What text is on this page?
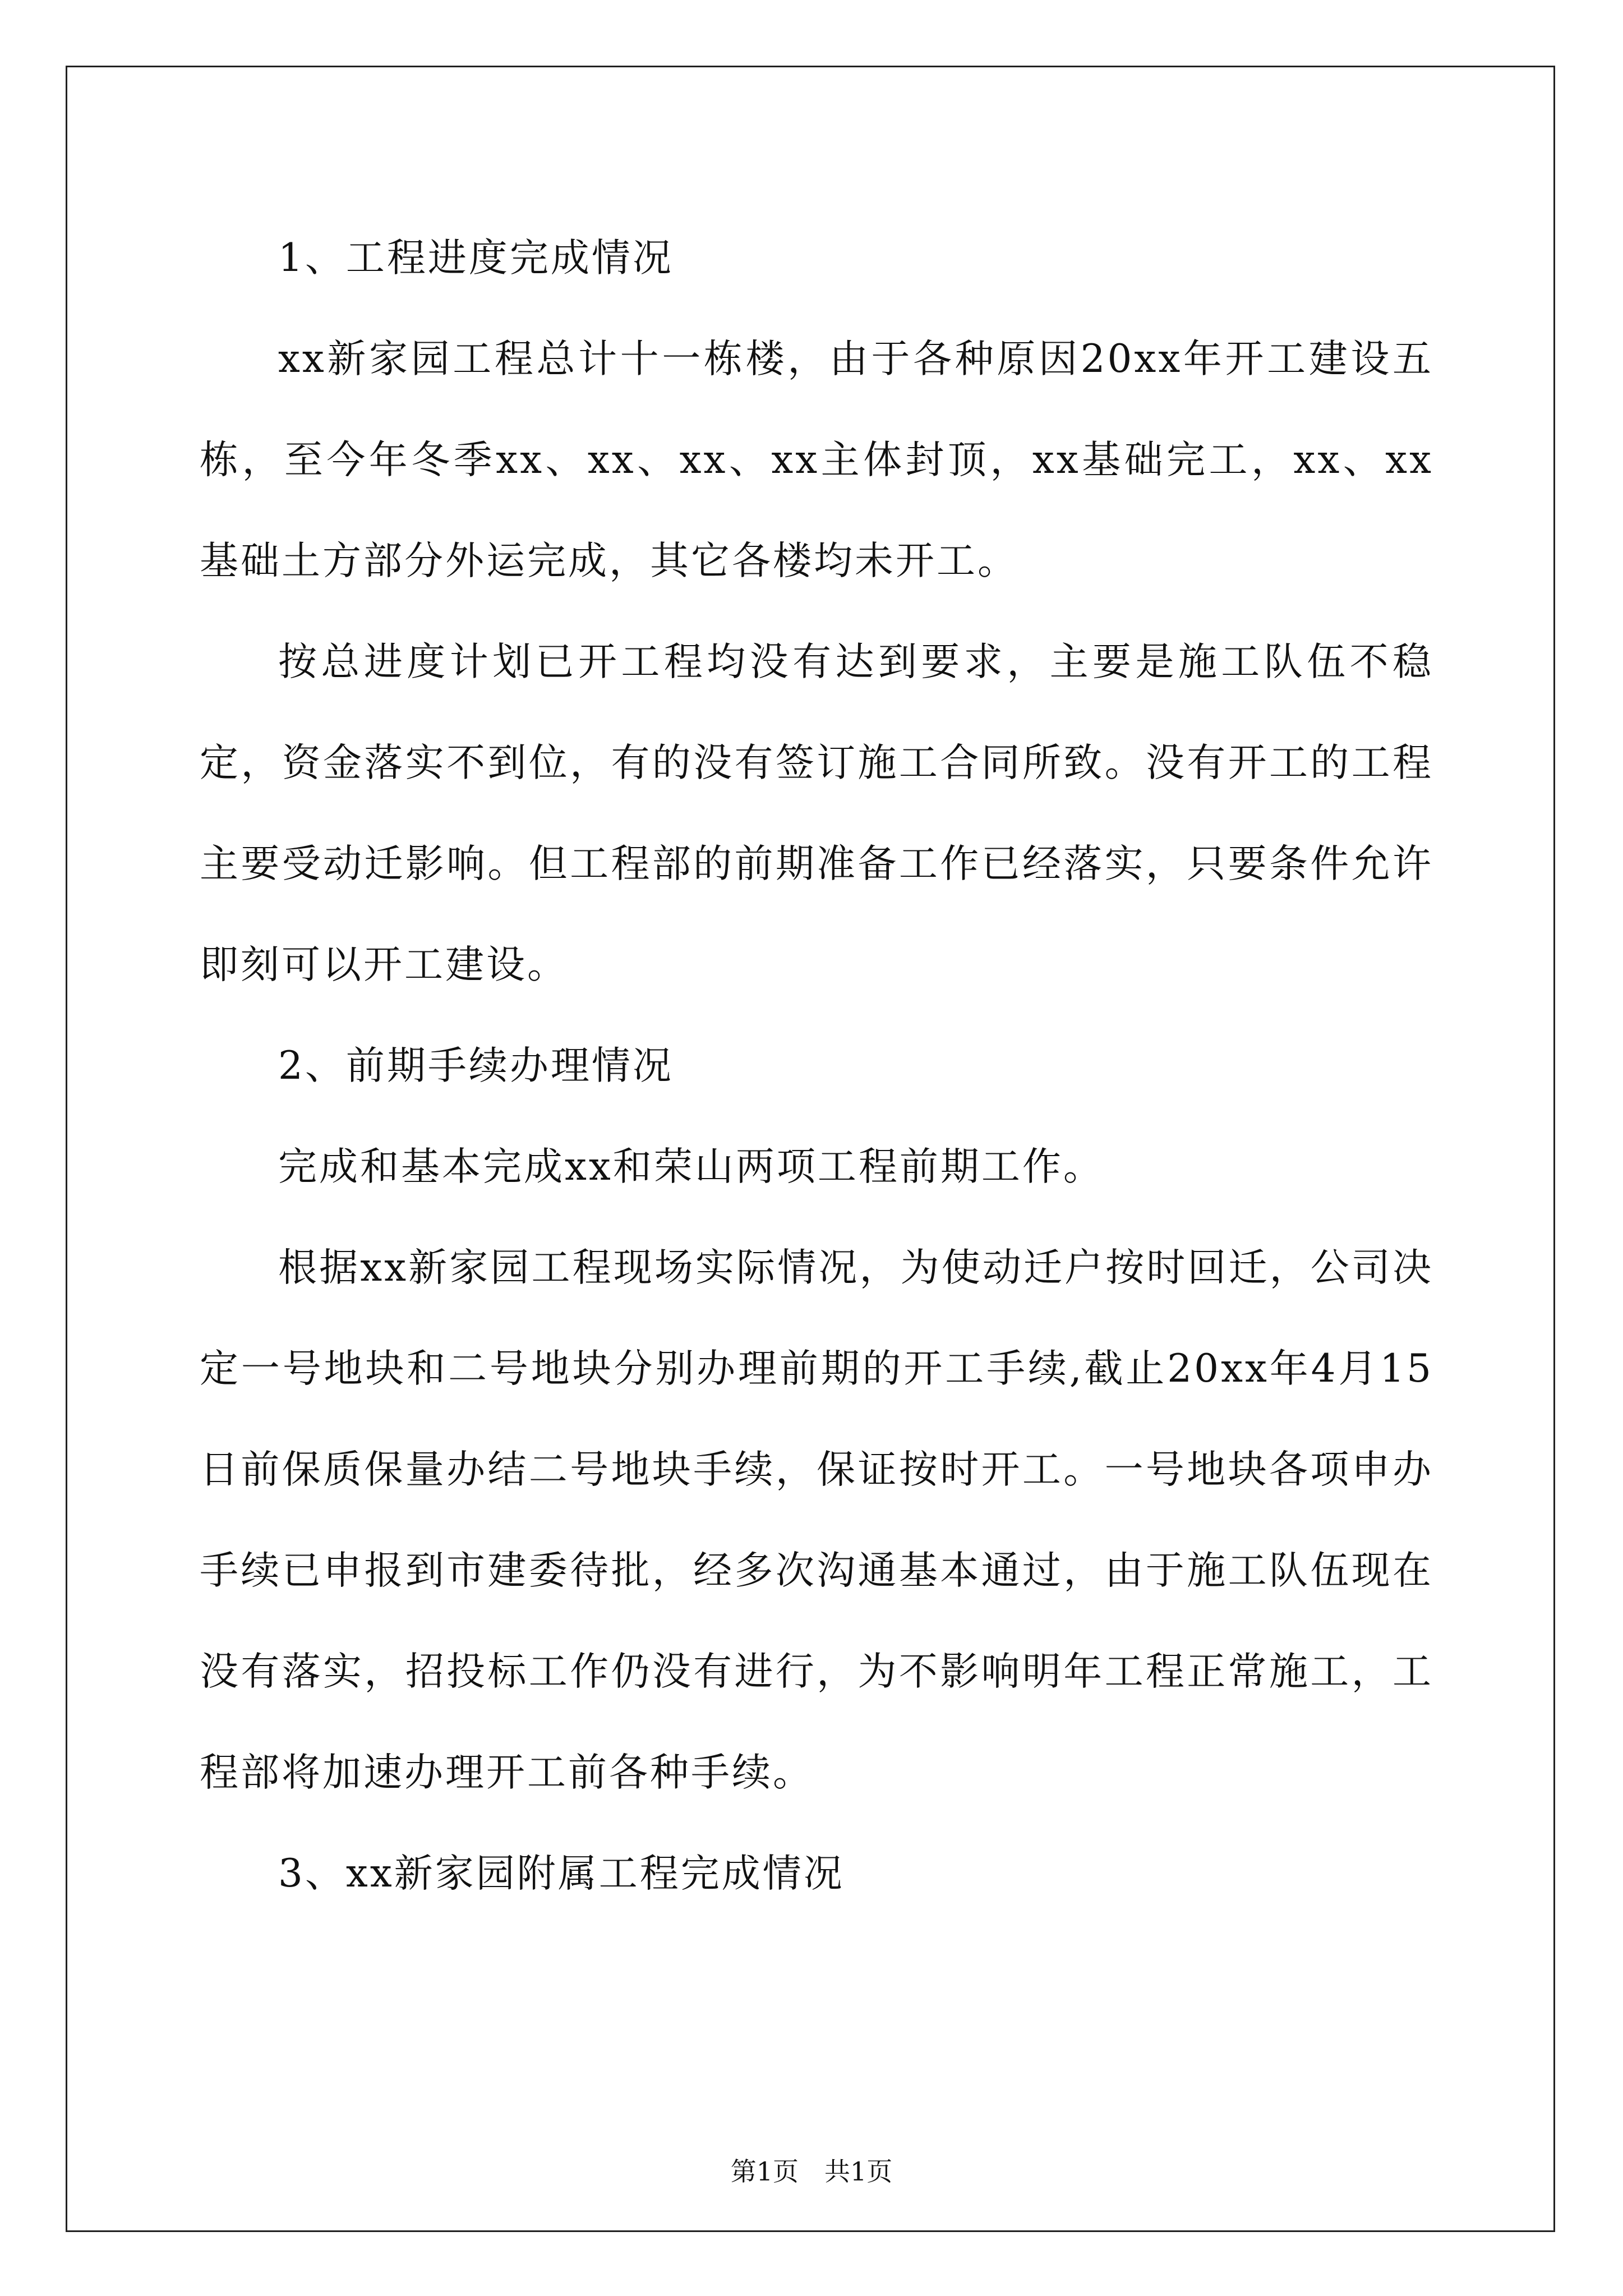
1、工程进度完成情况

xx新家园工程总计十一栋楼，由于各种原因20xx年开工建设五栋，至今年冬季xx、xx、xx、xx主体封顶，xx基础完工，xx、xx基础土方部分外运完成，其它各楼均未开工。

按总进度计划已开工程均没有达到要求，主要是施工队伍不稳定，资金落实不到位，有的没有签订施工合同所致。没有开工的工程主要受动迁影响。但工程部的前期准备工作已经落实，只要条件允许即刻可以开工建设。

2、前期手续办理情况

完成和基本完成xx和荣山两项工程前期工作。

根据xx新家园工程现场实际情况，为使动迁户按时回迁，公司决定一号地块和二号地块分别办理前期的开工手续,截止20xx年4月15日前保质保量办结二号地块手续，保证按时开工。一号地块各项申办手续已申报到市建委待批，经多次沟通基本通过，由于施工队伍现在没有落实，招投标工作仍没有进行，为不影响明年工程正常施工，工程部将加速办理开工前各种手续。

3、xx新家园附属工程完成情况

第1页　共1页
